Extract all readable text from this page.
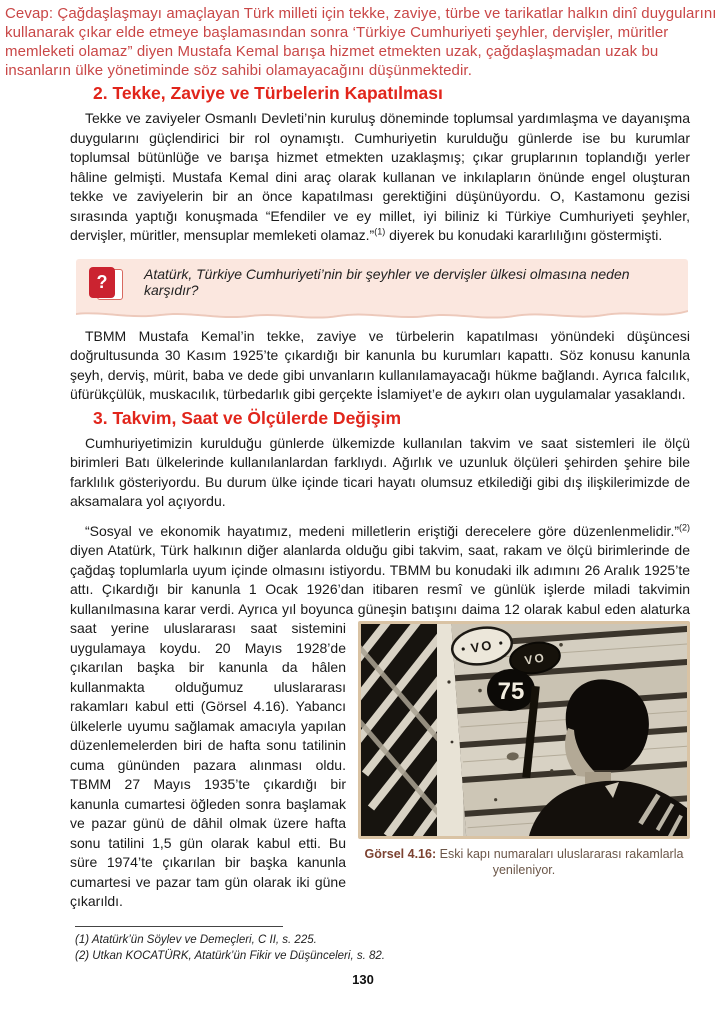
Cevap: Çağdaşlaşmayı amaçlayan Türk milleti için tekke, zaviye, türbe ve tarikatlar halkın dinî duygularını kullanarak çıkar elde etmeye başlamasından sonra ‘Türkiye Cumhuriyeti şeyhler, dervişler, müritler memleketi olamaz” diyen Mustafa Kemal barışa hizmet etmekten uzak, çağdaşlaşmadan uzak bu insanların ülke yönetiminde söz sahibi olamayacağını düşünmektedir.
2. Tekke, Zaviye ve Türbelerin Kapatılması

Tekke ve zaviyeler Osmanlı Devleti’nin kuruluş döneminde toplumsal yardımlaşma ve dayanışma duygularını güçlendirici bir rol oynamıştı. Cumhuriyetin kurulduğu günlerde ise bu kurumlar toplumsal bütünlüğe ve barışa hizmet etmekten uzaklaşmış; çıkar gruplarının toplandığı yerler hâline gelmişti. Mustafa Kemal dini araç olarak kullanan ve inkılapların önünde engel oluşturan tekke ve zaviyelerin bir an önce kapatılması gerektiğini düşünüyordu. O, Kastamonu gezisi sırasında yaptığı konuşmada “Efendiler ve ey millet, iyi biliniz ki Türkiye Cumhuriyeti şeyhler, dervişler, müritler, mensuplar memleketi olamaz.”$^{(1)}$ diyerek bu konudaki kararlılığını göstermişti.

?	Atatürk, Türkiye Cumhuriyeti’nin bir şeyhler ve dervişler ülkesi olmasına neden karşıdır?

TBMM Mustafa Kemal’in tekke, zaviye ve türbelerin kapatılması yönündeki düşüncesi doğrultusunda 30 Kasım 1925’te çıkardığı bir kanunla bu kurumları kapattı. Söz konusu kanunla şeyh, derviş, mürit, baba ve dede gibi unvanların kullanılamayacağı hükme bağlandı. Ayrıca falcılık, üfürükçülük, muskacılık, türbedarlık gibi gerçekte İslamiyet’e de aykırı olan uygulamalar yasaklandı.

3. Takvim, Saat ve Ölçülerde Değişim

Cumhuriyetimizin kurulduğu günlerde ülkemizde kullanılan takvim ve saat sistemleri ile ölçü birimleri Batı ülkelerinde kullanılanlardan farklıydı. Ağırlık ve uzunluk ölçüleri şehirden şehire bile farklılık gösteriyordu. Bu durum ülke içinde ticari hayatı olumsuz etkilediği gibi dış ilişkilerimizde de aksamalara yol açıyordu.

“Sosyal ve ekonomik hayatımız, medeni milletlerin eriştiği derecelere göre düzenlenmelidir.”$^{(2)}$ diyen Atatürk, Türk halkının diğer alanlarda olduğu gibi takvim, saat, rakam ve ölçü birimlerinde de çağdaş toplumlarla uyum içinde olmasını istiyordu. TBMM bu konudaki ilk adımını 26 Aralık 1925’te attı. Çıkardığı bir kanunla 1 Ocak 1926’dan itibaren resmî ve günlük işlerde miladi takvimin kullanılmasına karar verdi. Ayrıca yıl boyunca güneşin batışını daima 12 olarak kabul eden alaturka saat yerine
VO
VO
75
Görsel 4.16: Eski kapı numaraları uluslararası rakamlarla yenileniyor.
uluslararası saat sistemini uygulamaya koydu. 20 Mayıs 1928’de çıkarılan başka bir kanunla da hâlen kullanmakta olduğumuz uluslararası rakamları kabul etti (Görsel 4.16). Yabancı ülkelerle uyumu sağlamak amacıyla yapılan düzenlemelerden biri de hafta sonu tatilinin cuma gününden pazara alınması oldu. TBMM 27 Mayıs 1935’te çıkardığı bir kanunla cumartesi öğleden sonra başlamak ve pazar günü de dâhil olmak üzere hafta sonu tatilini 1,5 gün olarak kabul etti. Bu süre 1974’te çıkarılan bir başka kanunla cumartesi ve pazar tam gün olarak iki güne çıkarıldı.

(1) Atatürk’ün Söylev ve Demeçleri, C II, s. 225.
(2) Utkan KOCATÜRK, Atatürk’ün Fikir ve Düşünceleri, s. 82.
130
